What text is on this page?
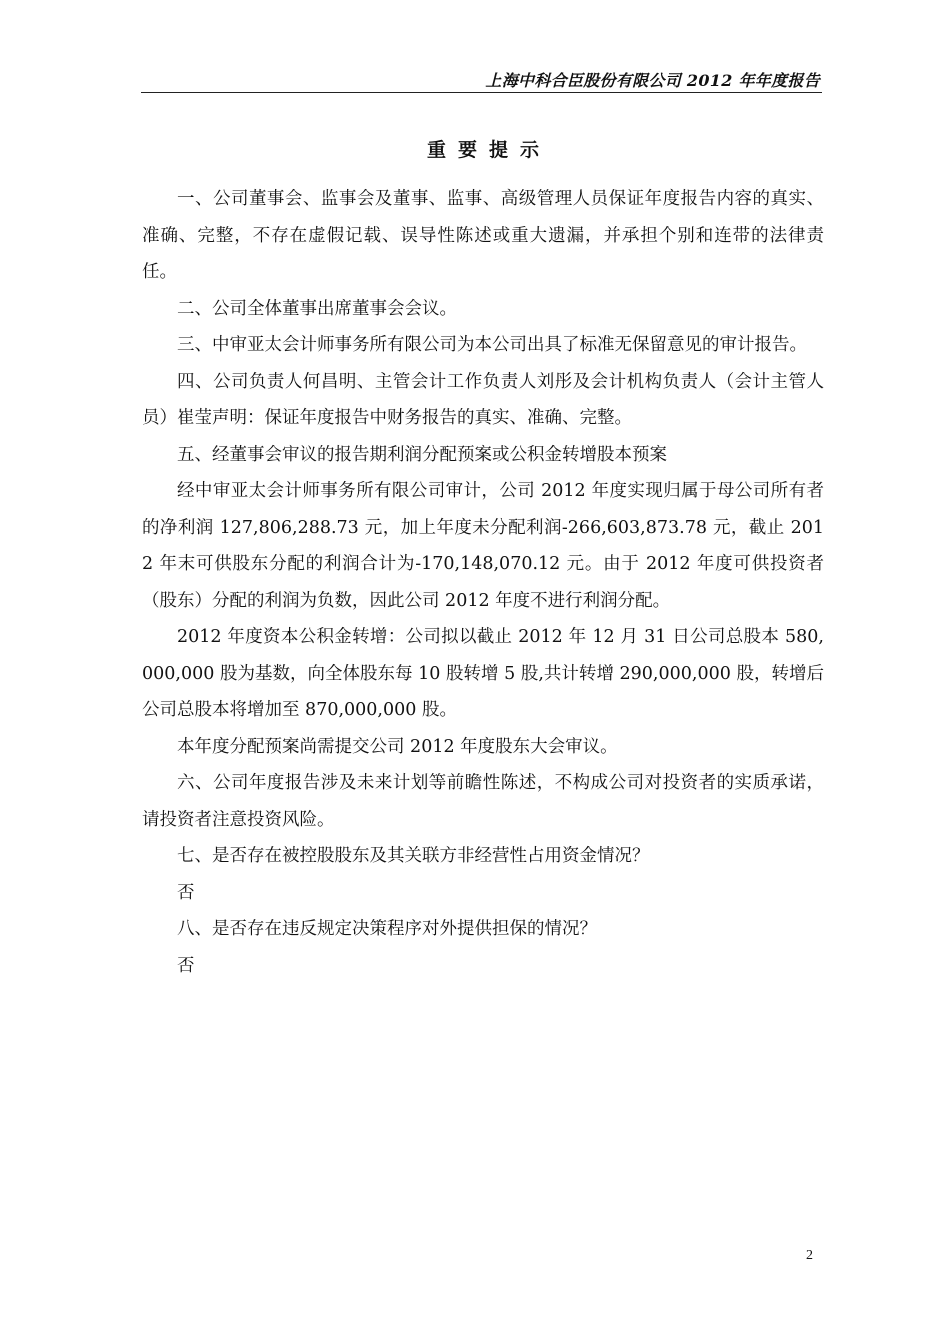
上海中科合臣股份有限公司 2012 年年度报告
重要提示

一、公司董事会、监事会及董事、监事、高级管理人员保证年度报告内容的真实、准确、完整，不存在虚假记载、误导性陈述或重大遗漏，并承担个别和连带的法律责任。

二、公司全体董事出席董事会会议。

三、中审亚太会计师事务所有限公司为本公司出具了标准无保留意见的审计报告。

四、公司负责人何昌明、主管会计工作负责人刘彤及会计机构负责人（会计主管人员）崔莹声明：保证年度报告中财务报告的真实、准确、完整。

五、经董事会审议的报告期利润分配预案或公积金转增股本预案

经中审亚太会计师事务所有限公司审计，公司 2012 年度实现归属于母公司所有者的净利润 127,806,288.73 元，加上年度未分配利润-266,603,873.78 元，截止 2012 年末可供股东分配的利润合计为-170,148,070.12 元。由于 2012 年度可供投资者（股东）分配的利润为负数，因此公司 2012 年度不进行利润分配。

2012 年度资本公积金转增：公司拟以截止 2012 年 12 月 31 日公司总股本 580,000,000 股为基数，向全体股东每 10 股转增 5 股,共计转增 290,000,000 股，转增后公司总股本将增加至 870,000,000 股。

本年度分配预案尚需提交公司 2012 年度股东大会审议。

六、公司年度报告涉及未来计划等前瞻性陈述，不构成公司对投资者的实质承诺，请投资者注意投资风险。

七、是否存在被控股股东及其关联方非经营性占用资金情况？

否

八、是否存在违反规定决策程序对外提供担保的情况？

否

2
